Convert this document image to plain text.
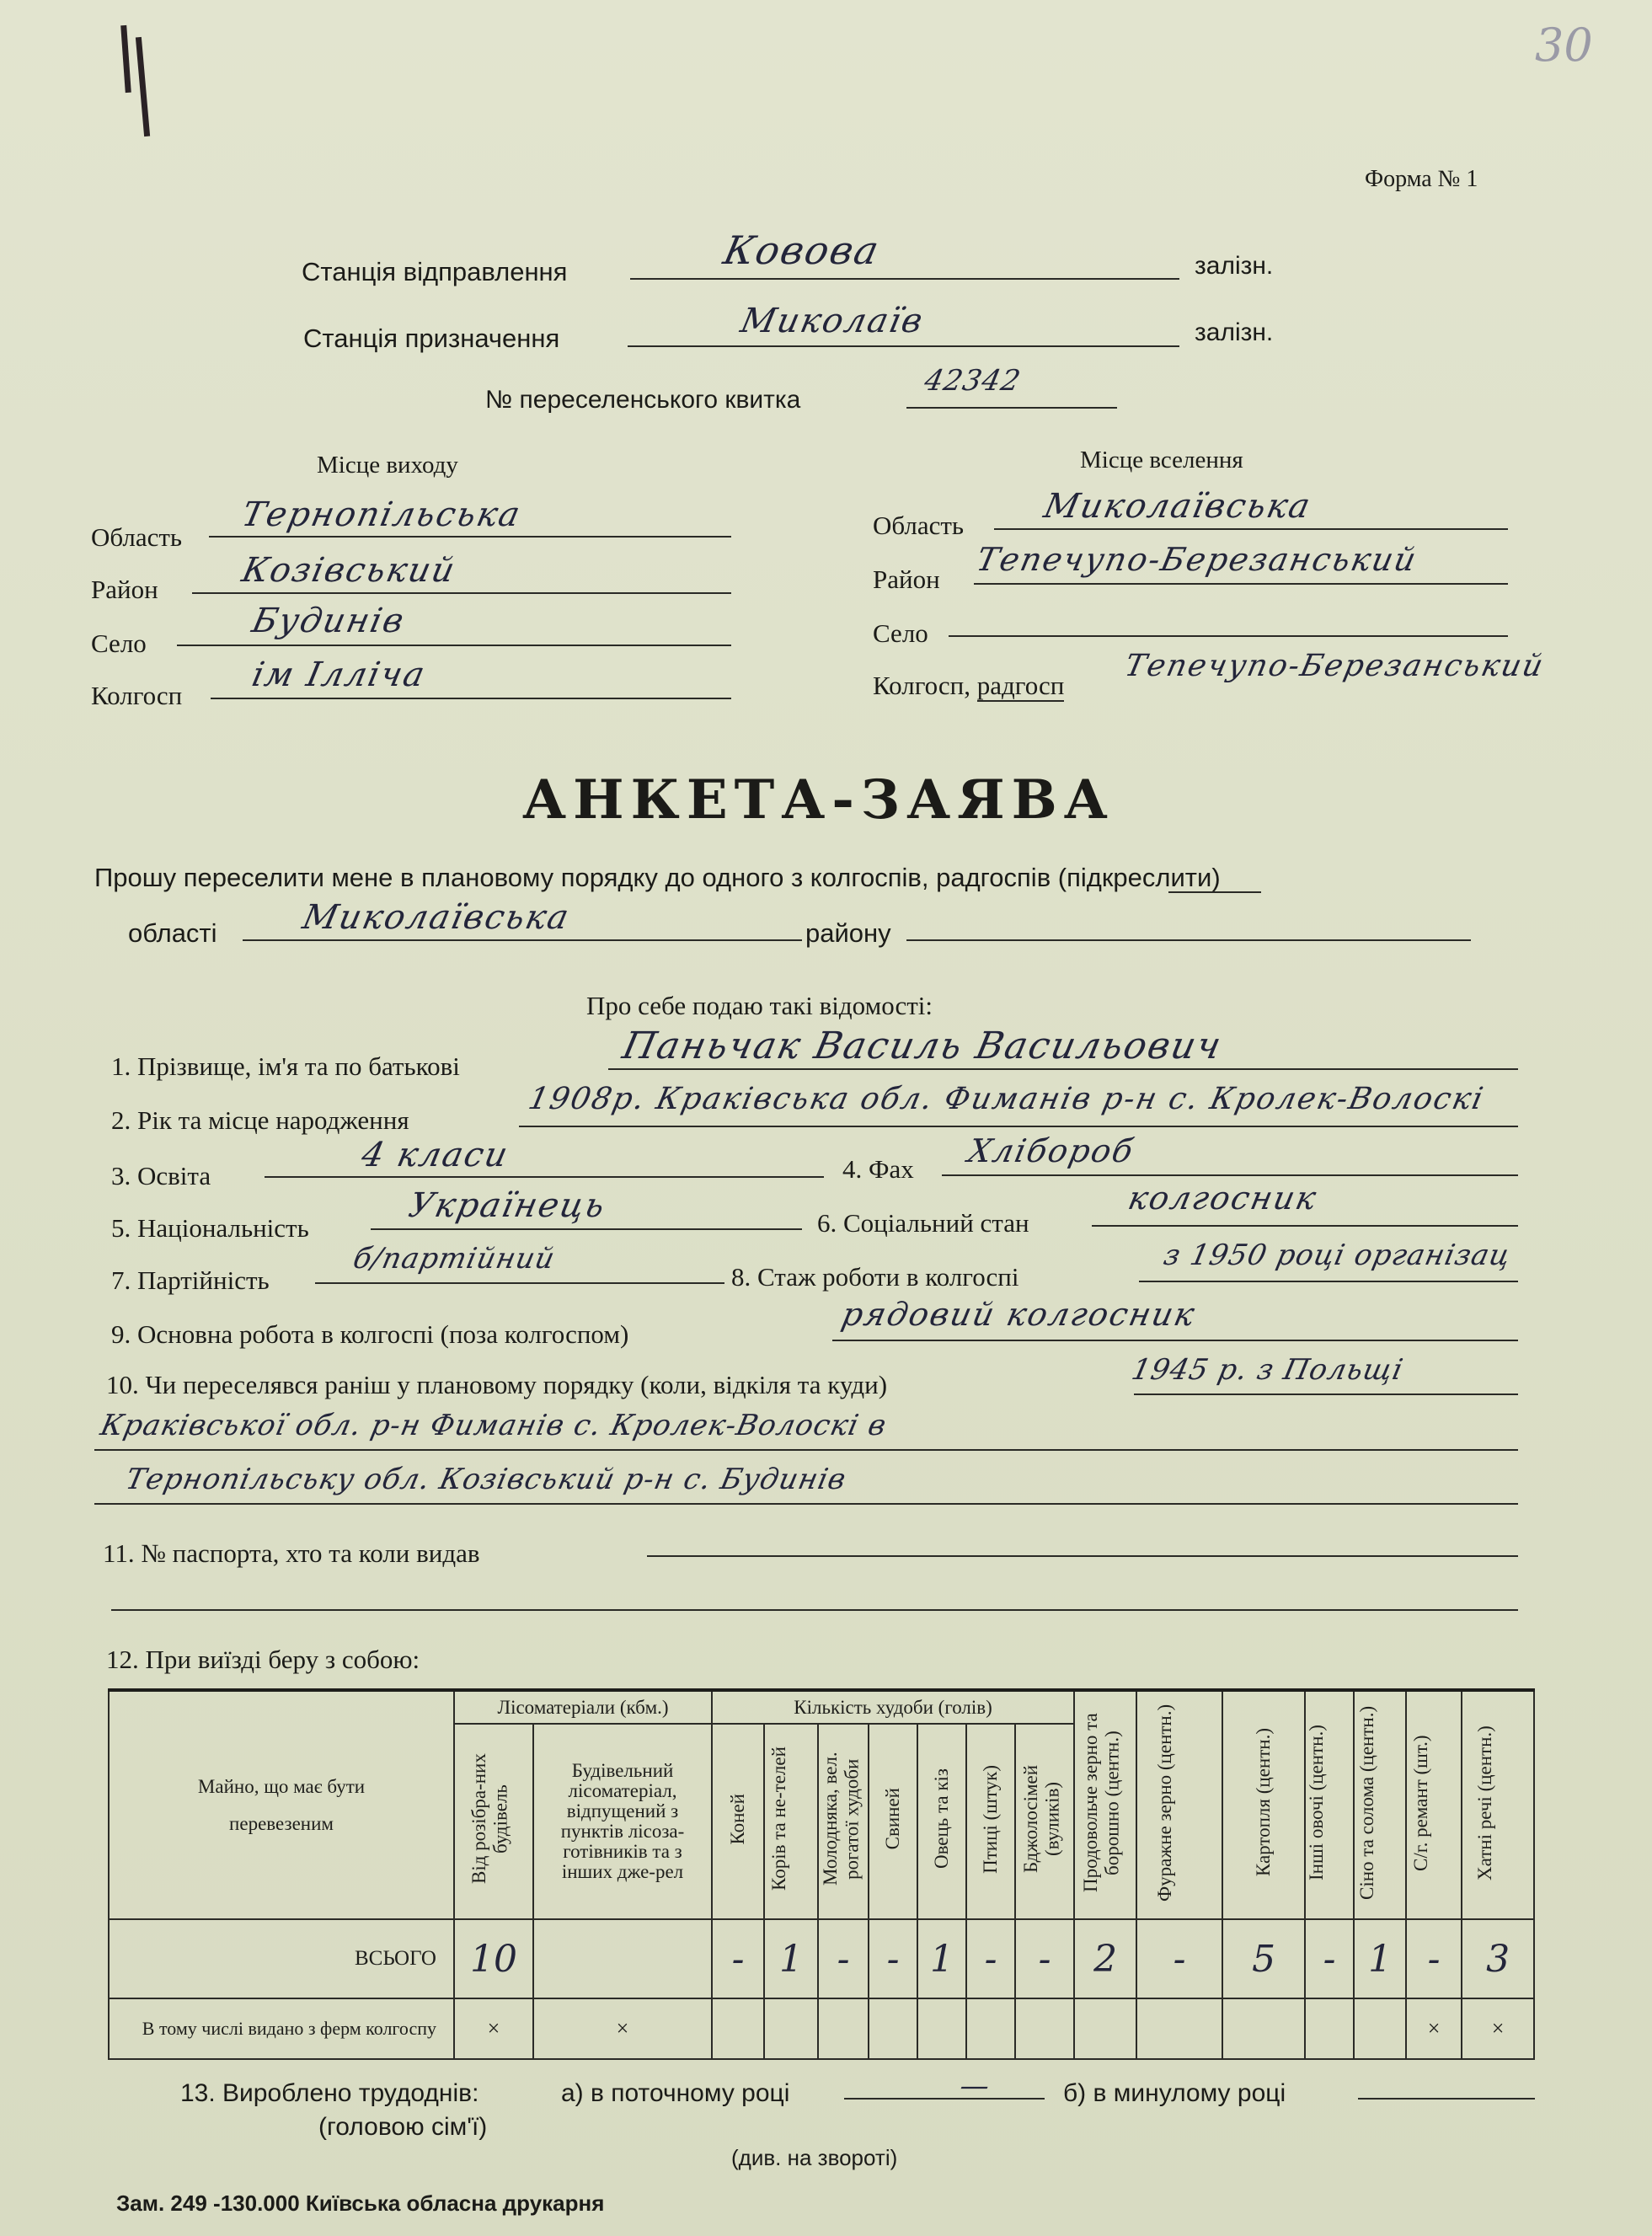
30
Форма № 1
Станція відправлення	Ковова	залізн.
Станція призначення	Миколаїв	залізн.
№ переселенського квитка
42342
Місце виходу
Область
Тернопільська
Район Козівський
Село
Будинів
Колгосп
ім Ілліча
Місце вселення
Область Миколаївська
Район
Тепечупо-Березанський
Село
Колгосп, радгосп
Тепечупо-Березанський
АНКЕТА-ЗАЯВА
Прошу переселити мене в плановому порядку до одного з колгоспів, радгоспів (підкреслити)
області Миколаївська	району
Про себе подаю такі відомості:
1. Прізвище, ім'я та по батькові	Паньчак Василь Васильович
2. Рік та місце народження
1908р. Краківська обл. Фиманів р-н с. Кролек-Волоскі
3. Освіта
4 класи	4. Фах Хлібороб
5. Національність
Українець	6. Соціальний стан
колгосник
7. Партійність
б/партійний
8. Стаж роботи в колгоспі
з 1950 році організац
9. Основна робота в колгоспі (поза колгоспом)
рядовий колгосник
10. Чи переселявся раніш у плановому порядку (коли, відкіля та куди)	1945 р. з Польщі
Краківської обл. р-н Фиманів с. Кролек-Волоскі в
Тернопільську обл. Козівський р-н с. Будинів
11. № паспорта, хто та коли видав
12. При виїзді беру з собою:
Майно, що має бути перевезеним	Лісоматеріали (кбм.)		Кількість худоби (голів)							Продовольче зерно та борошно (центн.)	Фуражне зерно (центн.)	Картопля (центн.)	Інші овочі (центн.)	Сіно та солома (центн.)	С/г. ремант (шт.)	Хатні речі (центн.)
	Від розібра-них будівель	Будівельний лісоматеріал, відпущений з пунктів лісоза-готівників та з інших дже-рел	Коней	Корів та не-телей	Молодняка, вел. рогатої худоби	Свиней	Овець та кіз	Птиці (штук)	Бджолосімей (вуликів)							
ВСЬОГО	10		-	1	-	-	1	-	-	2	-	5	-	1	-	3
В тому числі видано з ферм колгоспу	×	×													×	×
13. Вироблено трудоднів:	а) в поточному році	—	б) в минулому році
(головою сім'ї)
(див. на звороті)
Зам. 249 -130.000 Київська обласна друкарня
